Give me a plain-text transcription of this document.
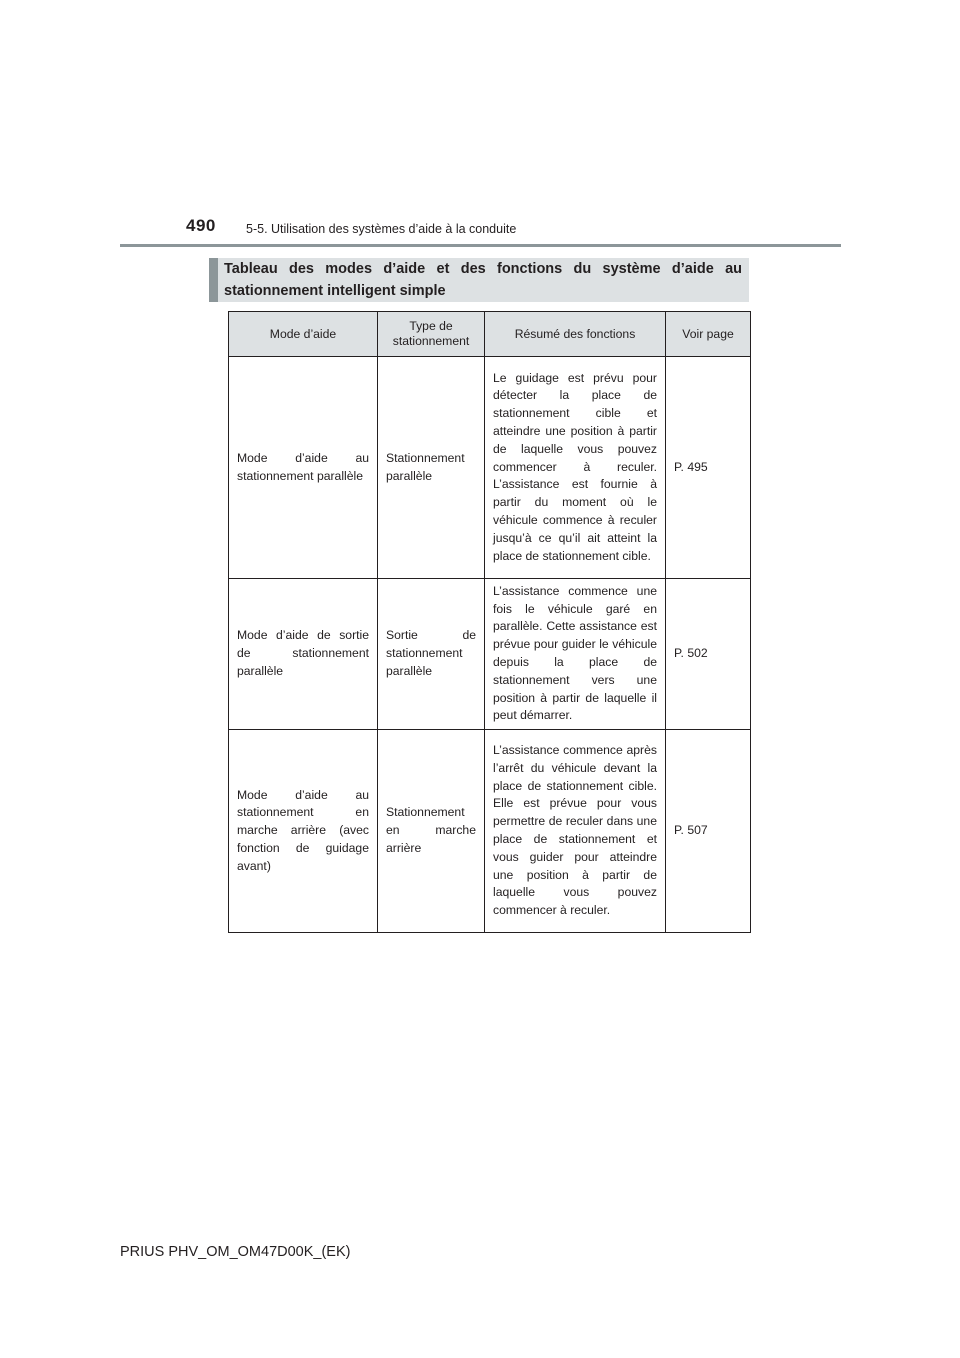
490 5-5. Utilisation des systèmes d’aide à la conduite
Tableau des modes d’aide et des fonctions du système d’aide au stationnement intelligent simple
Mode d’aide	Type de stationnement	Résumé des fonctions	Voir page
Mode d’aide au stationnement parallèle	Stationnement parallèle	Le guidage est prévu pour détecter la place de stationnement cible et atteindre une position à partir de laquelle vous pouvez commencer à reculer. L’assistance est fournie à partir du moment où le véhicule commence à reculer jusqu’à ce qu’il ait atteint la place de stationnement cible.	P. 495
Mode d’aide de sortie de stationnement parallèle	Sortie de stationnement parallèle	L’assistance commence une fois le véhicule garé en parallèle. Cette assistance est prévue pour guider le véhicule depuis la place de stationnement vers une position à partir de laquelle il peut démarrer.	P. 502
Mode d’aide au stationnement en marche arrière (avec fonction de guidage avant)	Stationnement en marche arrière	L’assistance commence après l’arrêt du véhicule devant la place de stationnement cible. Elle est prévue pour vous permettre de reculer dans une place de stationnement et vous guider pour atteindre une position à partir de laquelle vous pouvez commencer à reculer.	P. 507
PRIUS PHV_OM_OM47D00K_(EK)
